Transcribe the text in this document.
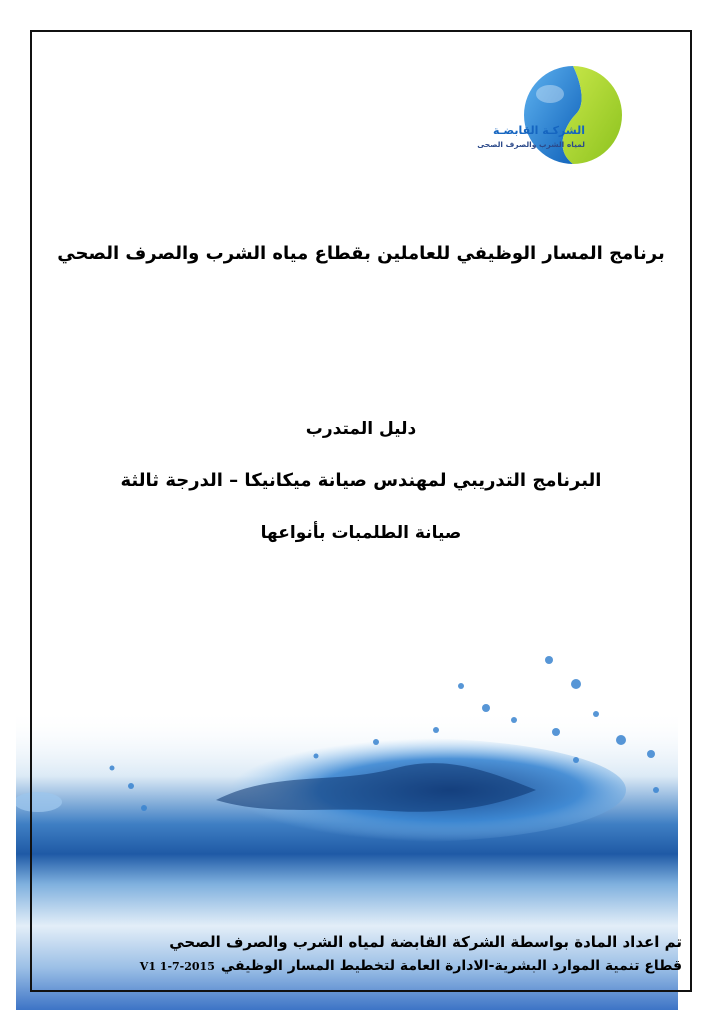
الشركـة القابضـة
لمياه الشرب والصرف الصحى
برنامج المسار الوظيفي للعاملين بقطاع مياه الشرب والصرف الصحي
دليل المتدرب
البرنامج التدريبي لمهندس صيانة ميكانيكا – الدرجة ثالثة
صيانة الطلمبات بأنواعها
تم اعداد المادة بواسطة الشركة القابضة لمياه الشرب والصرف الصحي
قطاع تنمية الموارد البشرية-الادارة العامة لتخطيط المسار الوظيفيV1 1-7-2015
